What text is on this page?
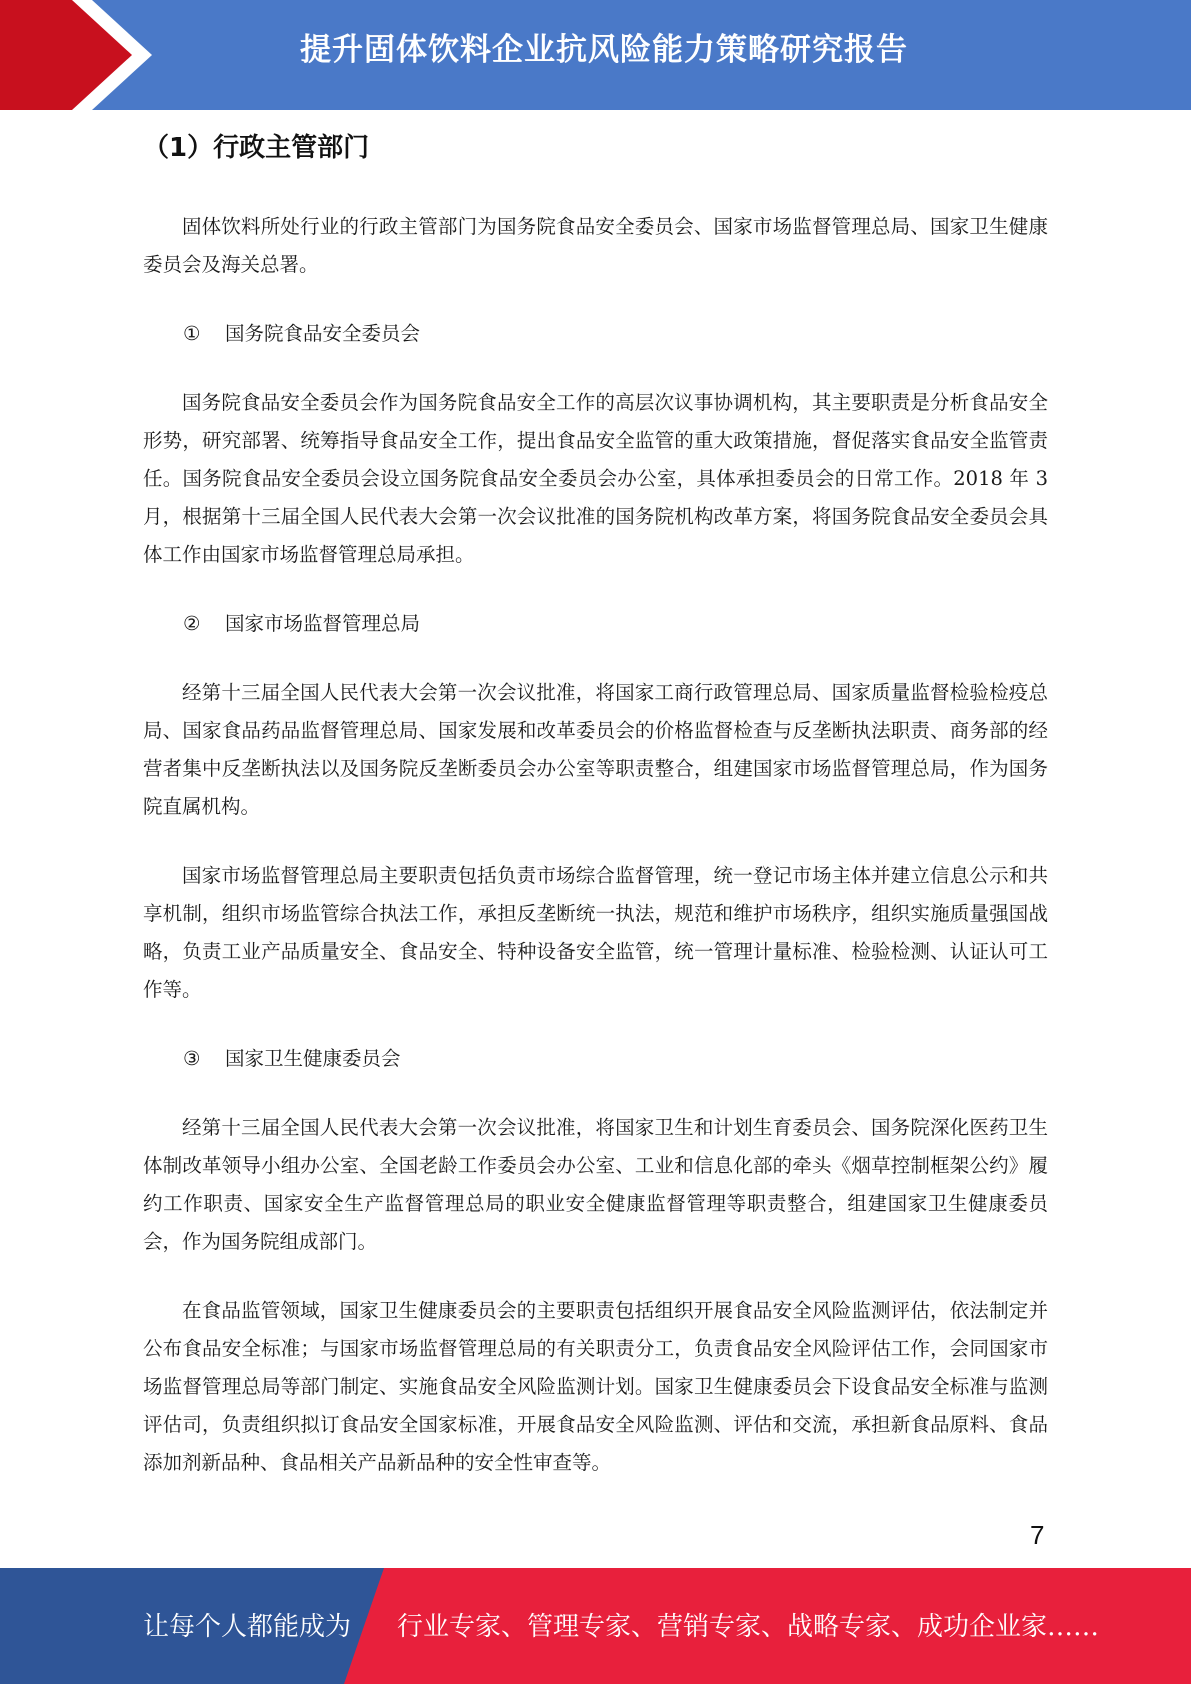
提升固体饮料企业抗风险能力策略研究报告
（1）行政主管部门

固体饮料所处行业的行政主管部门为国务院食品安全委员会、国家市场监督管理总局、国家卫生健康委员会及海关总署。

① 国务院食品安全委员会

国务院食品安全委员会作为国务院食品安全工作的高层次议事协调机构，其主要职责是分析食品安全形势，研究部署、统筹指导食品安全工作，提出食品安全监管的重大政策措施，督促落实食品安全监管责任。国务院食品安全委员会设立国务院食品安全委员会办公室，具体承担委员会的日常工作。2018 年 3 月，根据第十三届全国人民代表大会第一次会议批准的国务院机构改革方案，将国务院食品安全委员会具体工作由国家市场监督管理总局承担。

② 国家市场监督管理总局

经第十三届全国人民代表大会第一次会议批准，将国家工商行政管理总局、国家质量监督检验检疫总局、国家食品药品监督管理总局、国家发展和改革委员会的价格监督检查与反垄断执法职责、商务部的经营者集中反垄断执法以及国务院反垄断委员会办公室等职责整合，组建国家市场监督管理总局，作为国务院直属机构。

国家市场监督管理总局主要职责包括负责市场综合监督管理，统一登记市场主体并建立信息公示和共享机制，组织市场监管综合执法工作，承担反垄断统一执法，规范和维护市场秩序，组织实施质量强国战略，负责工业产品质量安全、食品安全、特种设备安全监管，统一管理计量标准、检验检测、认证认可工作等。

③ 国家卫生健康委员会

经第十三届全国人民代表大会第一次会议批准，将国家卫生和计划生育委员会、国务院深化医药卫生体制改革领导小组办公室、全国老龄工作委员会办公室、工业和信息化部的牵头《烟草控制框架公约》履约工作职责、国家安全生产监督管理总局的职业安全健康监督管理等职责整合，组建国家卫生健康委员会，作为国务院组成部门。

在食品监管领域，国家卫生健康委员会的主要职责包括组织开展食品安全风险监测评估，依法制定并公布食品安全标准；与国家市场监督管理总局的有关职责分工，负责食品安全风险评估工作，会同国家市场监督管理总局等部门制定、实施食品安全风险监测计划。国家卫生健康委员会下设食品安全标准与监测评估司，负责组织拟订食品安全国家标准，开展食品安全风险监测、评估和交流，承担新食品原料、食品添加剂新品种、食品相关产品新品种的安全性审查等。

7
让每个人都能成为 行业专家、管理专家、营销专家、战略专家、成功企业家……
